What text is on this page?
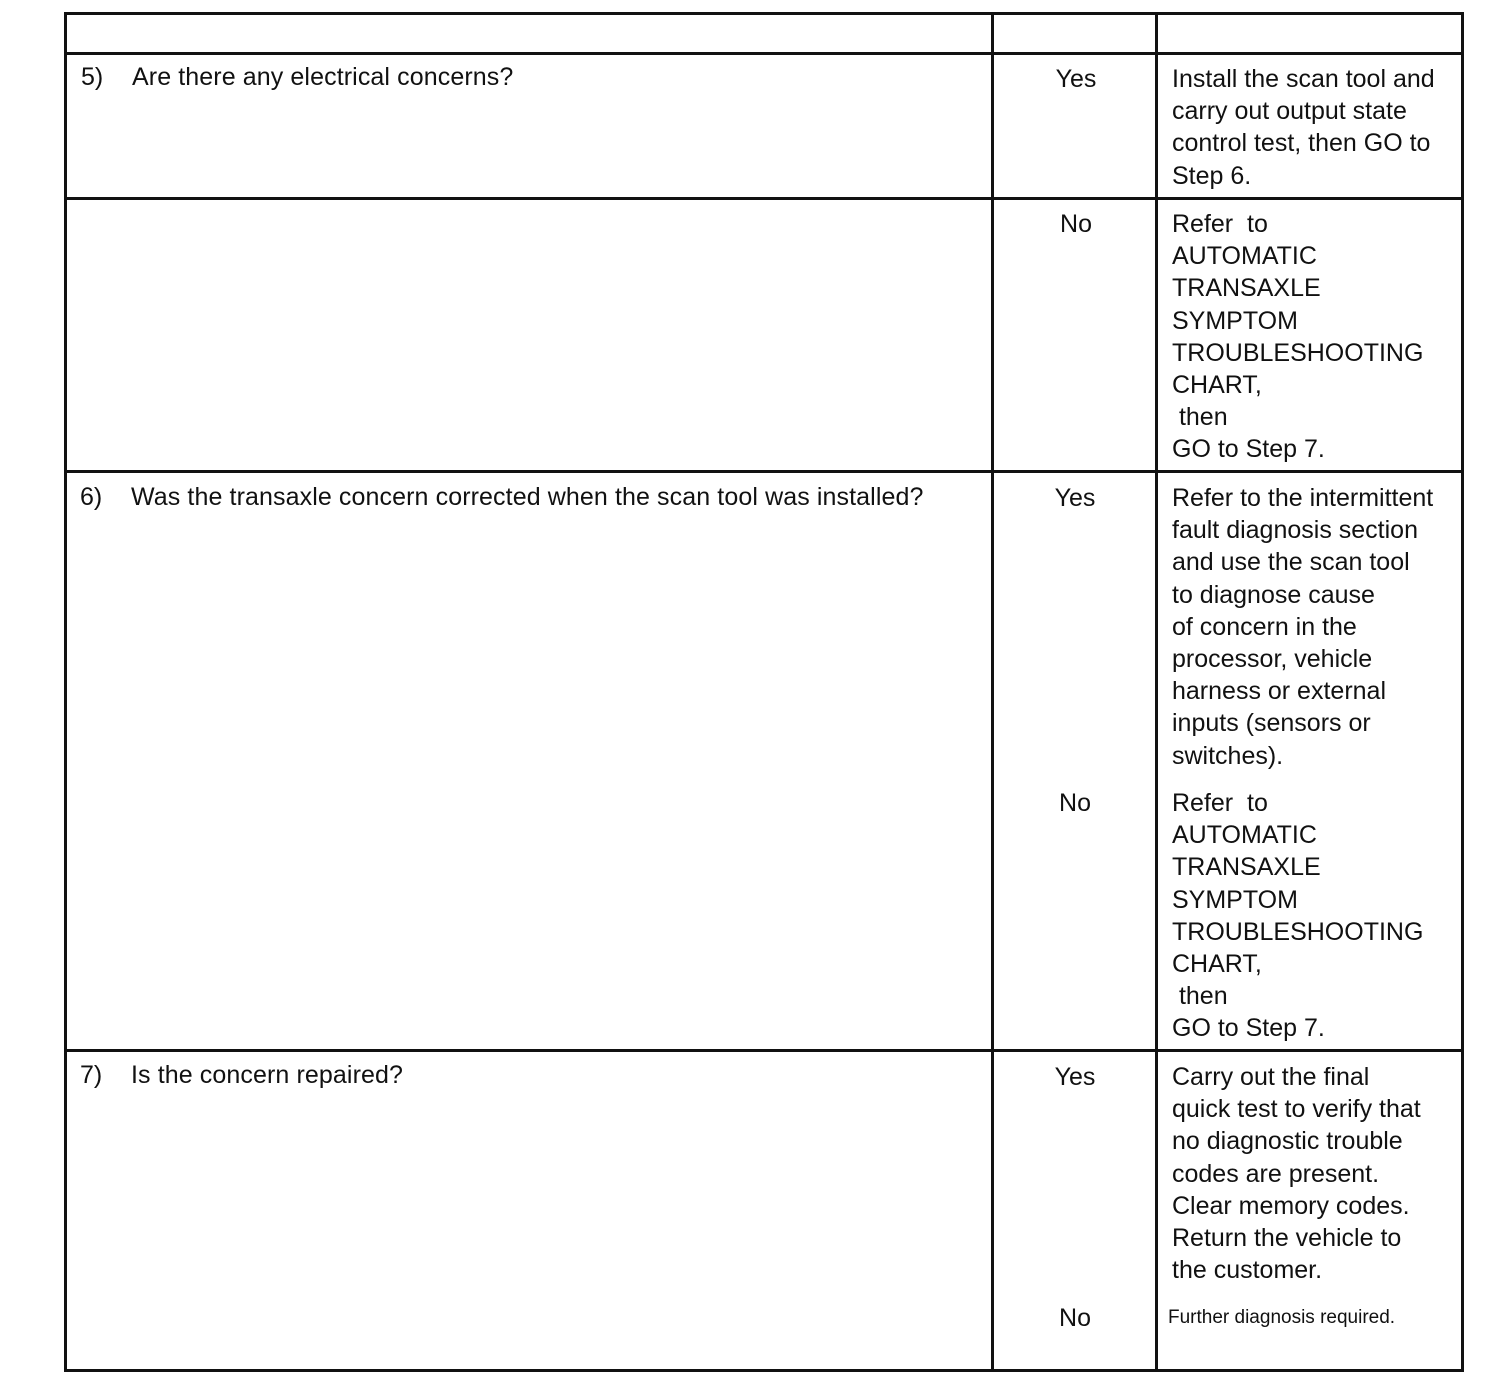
5) Are there any electrical concerns?	Yes	Install the scan tool and
carry out output state
control test, then GO to
Step 6.

No	Refer  to
AUTOMATIC
TRANSAXLE
SYMPTOM
TROUBLESHOOTING
CHART,
then
GO to Step 7.

6) Was the transaxle concern corrected when the scan tool was installed?	Yes	Refer to the intermittent
fault diagnosis section
and use the scan tool
to diagnose cause
of concern in the
processor, vehicle
harness or external
inputs (sensors or
switches).

No	Refer  to
AUTOMATIC
TRANSAXLE
SYMPTOM
TROUBLESHOOTING
CHART,
then
GO to Step 7.

7) Is the concern repaired?	Yes	Carry out the final
quick test to verify that
no diagnostic trouble
codes are present.
Clear memory codes.
Return the vehicle to
the customer.

No	Further diagnosis required.
